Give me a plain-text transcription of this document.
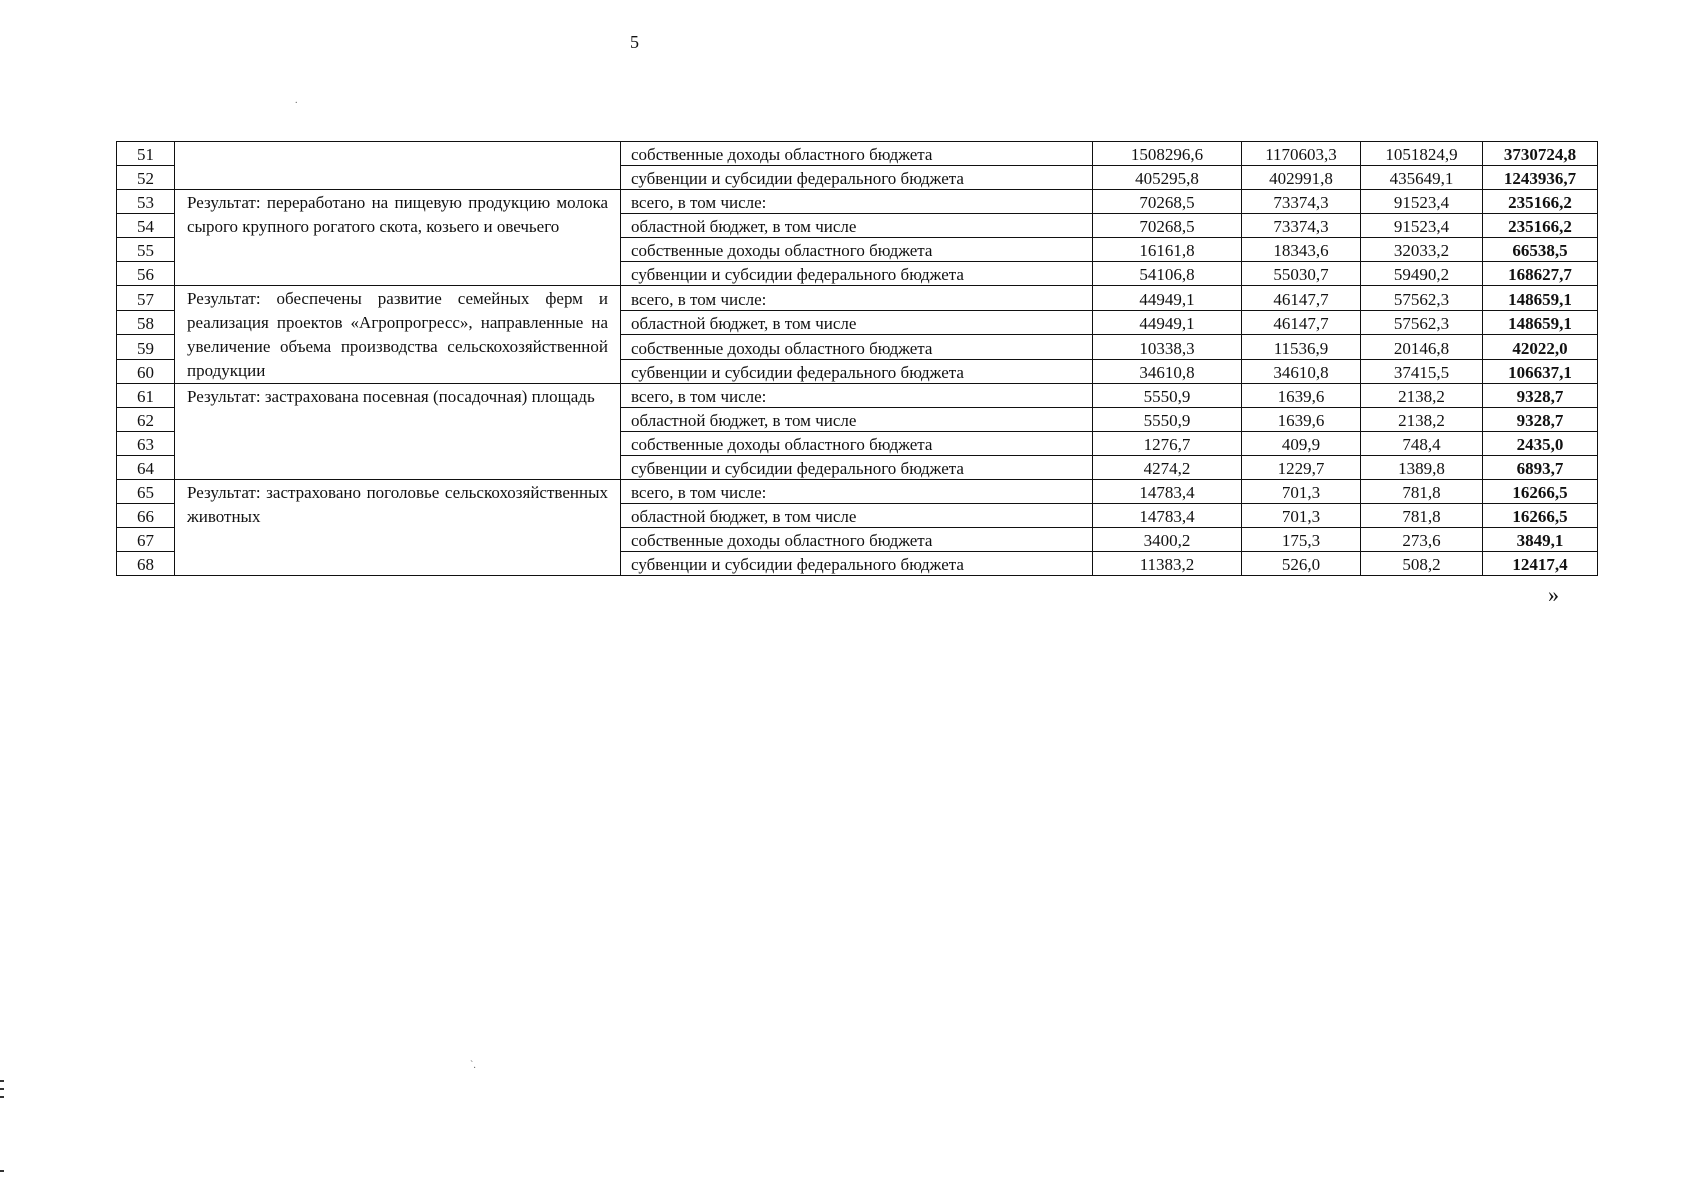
5
.
`.
51		собственные доходы областного бюджета	1508296,6	1170603,3	1051824,9	3730724,8
52		субвенции и субсидии федерального бюджета	405295,8	402991,8	435649,1	1243936,7
53	Результат: переработано на пищевую продукцию молока сырого крупного рогатого скота, козьего и овечьего	всего, в том числе:	70268,5	73374,3	91523,4	235166,2
54		областной бюджет, в том числе	70268,5	73374,3	91523,4	235166,2
55		собственные доходы областного бюджета	16161,8	18343,6	32033,2	66538,5
56		субвенции и субсидии федерального бюджета	54106,8	55030,7	59490,2	168627,7
57	Результат: обеспечены развитие семейных ферм и реализация проектов «Агропрогресс», направленные на увеличение объема производства сельскохозяйственной продукции	всего, в том числе:	44949,1	46147,7	57562,3	148659,1
58		областной бюджет, в том числе	44949,1	46147,7	57562,3	148659,1
59		собственные доходы областного бюджета	10338,3	11536,9	20146,8	42022,0
60		субвенции и субсидии федерального бюджета	34610,8	34610,8	37415,5	106637,1
61	Результат: застрахована посевная (посадочная) площадь	всего, в том числе:	5550,9	1639,6	2138,2	9328,7
62		областной бюджет, в том числе	5550,9	1639,6	2138,2	9328,7
63		собственные доходы областного бюджета	1276,7	409,9	748,4	2435,0
64		субвенции и субсидии федерального бюджета	4274,2	1229,7	1389,8	6893,7
65	Результат: застраховано поголовье сельскохозяйственных животных	всего, в том числе:	14783,4	701,3	781,8	16266,5
66		областной бюджет, в том числе	14783,4	701,3	781,8	16266,5
67		собственные доходы областного бюджета	3400,2	175,3	273,6	3849,1
68		субвенции и субсидии федерального бюджета	11383,2	526,0	508,2	12417,4
»
